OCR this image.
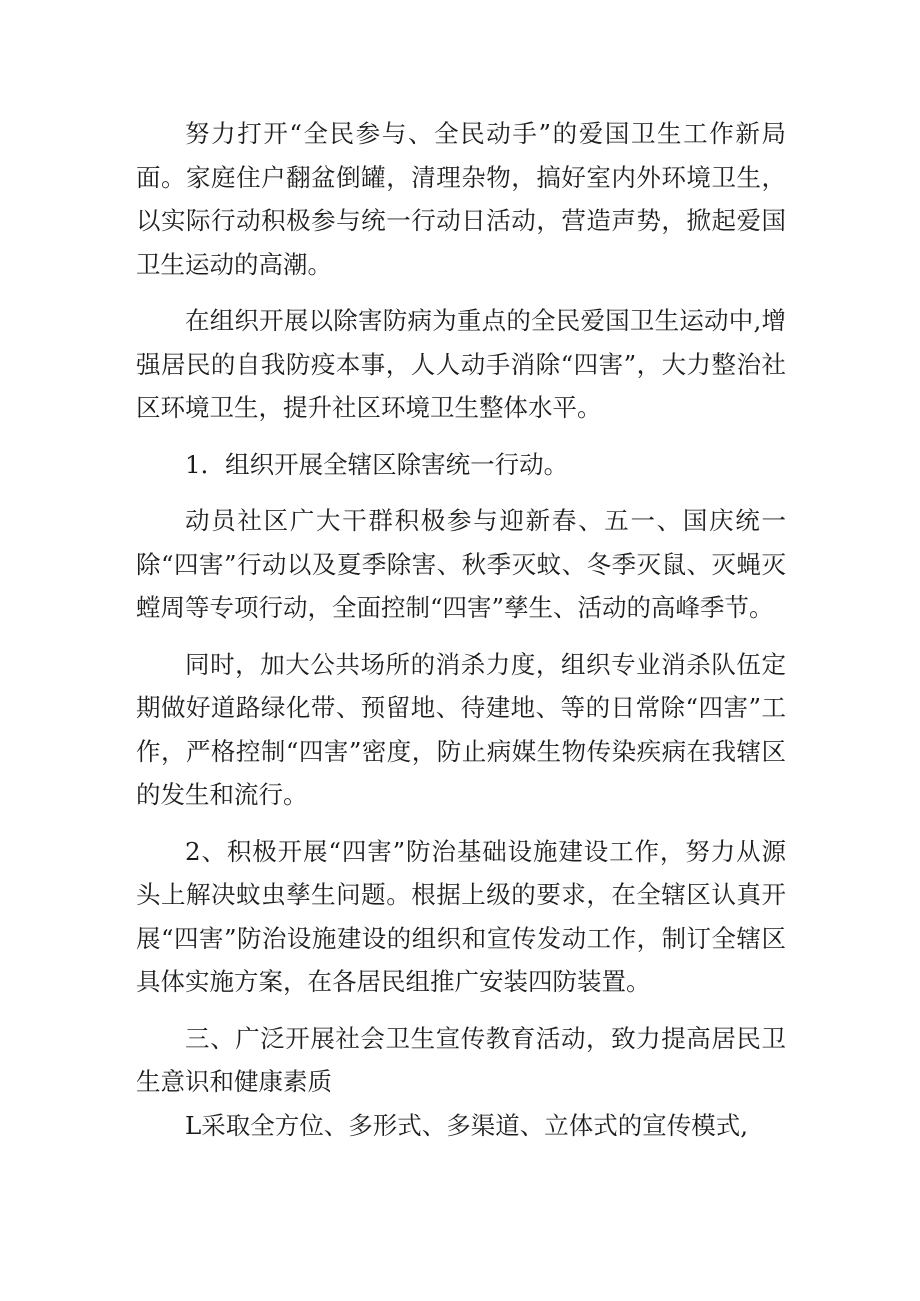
努力打开“全民参与、全民动手”的爱国卫生工作新局面。家庭住户翻盆倒罐，清理杂物，搞好室内外环境卫生，以实际行动积极参与统一行动日活动，营造声势，掀起爱国卫生运动的高潮。

在组织开展以除害防病为重点的全民爱国卫生运动中,增强居民的自我防疫本事，人人动手消除“四害”，大力整治社区环境卫生，提升社区环境卫生整体水平。

1．组织开展全辖区除害统一行动。

动员社区广大干群积极参与迎新春、五一、国庆统一除“四害”行动以及夏季除害、秋季灭蚊、冬季灭鼠、灭蝇灭螳周等专项行动，全面控制“四害”孳生、活动的高峰季节。

同时，加大公共场所的消杀力度，组织专业消杀队伍定期做好道路绿化带、预留地、待建地、等的日常除“四害”工作，严格控制“四害”密度，防止病媒生物传染疾病在我辖区的发生和流行。

2、积极开展“四害”防治基础设施建设工作，努力从源头上解决蚊虫孳生问题。根据上级的要求，在全辖区认真开展“四害”防治设施建设的组织和宣传发动工作，制订全辖区具体实施方案，在各居民组推广安装四防装置。

三、广泛开展社会卫生宣传教育活动，致力提高居民卫生意识和健康素质

L采取全方位、多形式、多渠道、立体式的宣传模式,
